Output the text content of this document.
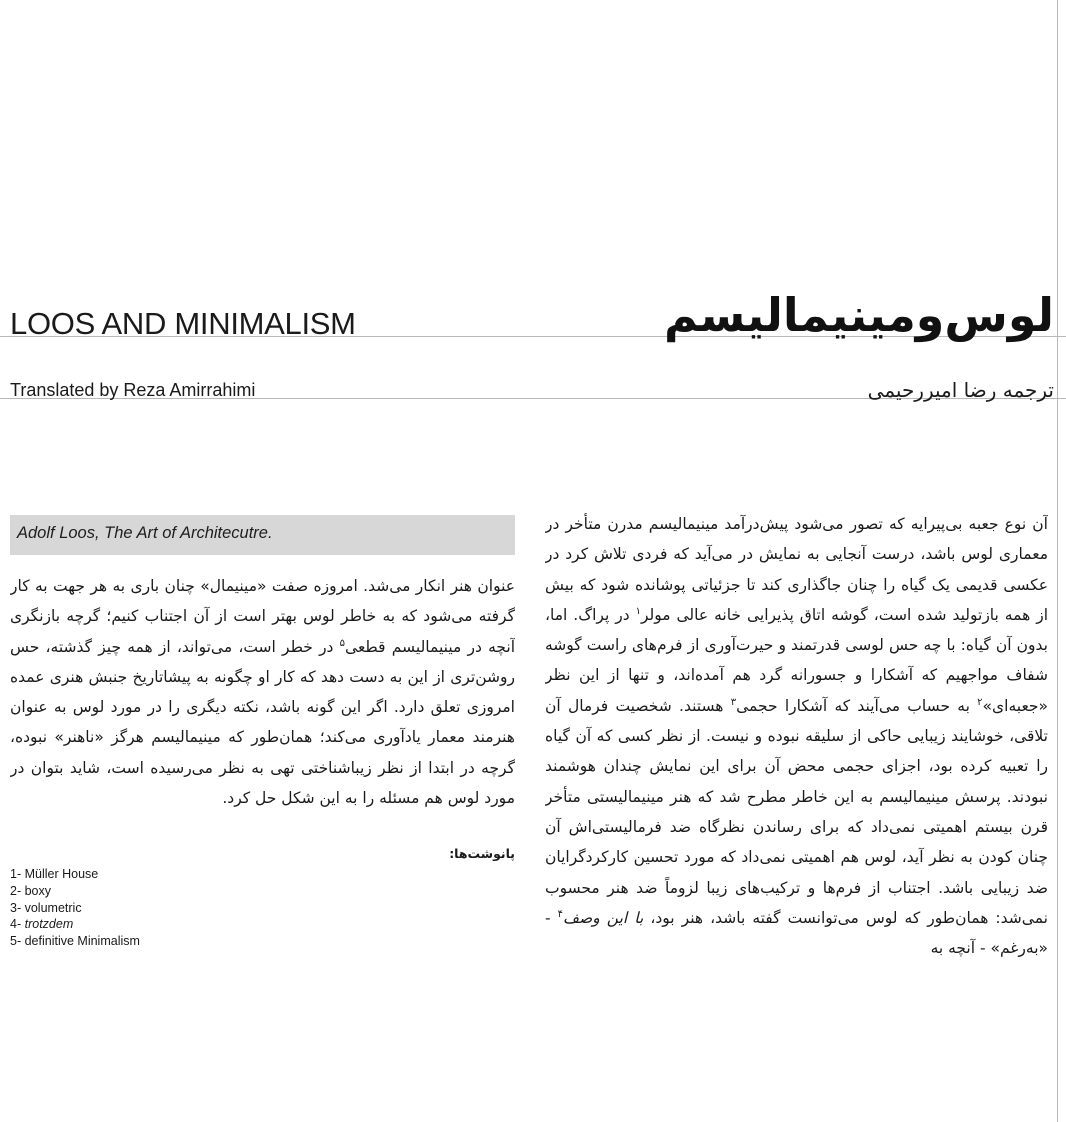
LOOS AND MINIMALISM	لوس‌ومینیمالیسم
Translated by Reza Amirrahimi	ترجمه رضا امیررحیمی
Adolf Loos, The Art of Architecutre.	آن نوع جعبه بی‌پیرایه که تصور می‌شود پیش‌درآمد مینیمالیسم مدرن متأخر در معماری لوس باشد، درست آنجایی به نمایش در می‌آید که فردی تلاش کرد در عکسی قدیمی یک گیاه را چنان جاگذاری کند تا جزئیاتی پوشانده شود که بیش از همه بازتولید شده است، گوشه اتاق پذیرایی خانه عالی مولر$^۱$ در پراگ. اما، بدون آن گیاه: با چه حس لوسی قدرتمند و حیرت‌آوری از فرم‌های راست گوشه شفاف مواجهیم که آشکارا و جسورانه گرد هم آمده‌اند، و تنها از این نظر «جعبه‌ای»$^۲$ به حساب می‌آیند که آشکارا حجمی$^۳$ هستند. شخصیت فرمال آن تلاقی، خوشایند زیبایی حاکی از سلیقه نبوده و نیست. از نظر کسی که آن گیاه را تعبیه کرده بود، اجزای حجمی محض آن برای این نمایش چندان هوشمند نبودند. پرسش مینیمالیسم به این خاطر مطرح شد که هنر مینیمالیستی متأخر قرن بیستم اهمیتی نمی‌داد که برای رساندن نظرگاه ضد فرمالیستی‌اش آن چنان کودن به نظر آید، لوس هم اهمیتی نمی‌داد که مورد تحسین کارکردگرایان ضد زیبایی باشد. اجتناب از فرم‌ها و ترکیب‌های زیبا لزوماً ضد هنر محسوب نمی‌شد: همان‌طور که لوس می‌توانست گفته باشد، هنر بود، با این وصف$^۴$ - «به‌رغم» - آنچه به
عنوان هنر انکار می‌شد. امروزه صفت «مینیمال» چنان باری به هر جهت به کار گرفته می‌شود که به خاطر لوس بهتر است از آن اجتناب کنیم؛ گرچه بازنگری آنچه در مینیمالیسم قطعی$^۵$ در خطر است، می‌تواند، از همه چیز گذشته، حس روشن‌تری از این به دست دهد که کار او چگونه به پیشاتاریخ جنبش هنری عمده امروزی تعلق دارد. اگر این گونه باشد، نکته دیگری را در مورد لوس به عنوان هنرمند معمار یادآوری می‌کند؛ همان‌طور که مینیمالیسم هرگز «ناهنر» نبوده، گرچه در ابتدا از نظر زیباشناختی تهی به نظر می‌رسیده است، شاید بتوان در مورد لوس هم مسئله را به این شکل حل کرد.
پانوشت‌ها:
1- Müller House
2- boxy
3- volumetric
4- trotzdem
5- definitive Minimalism
